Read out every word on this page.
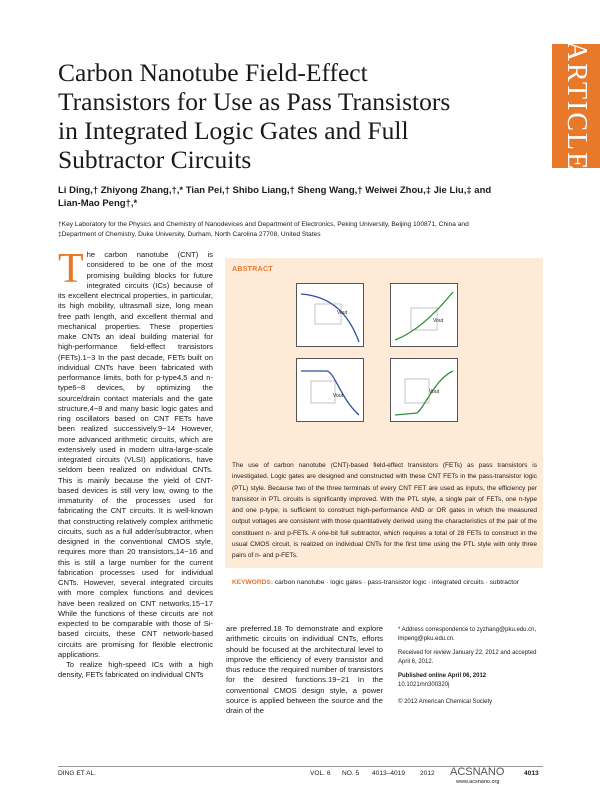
ARTICLE
Carbon Nanotube Field-Effect
Transistors for Use as Pass Transistors
in Integrated Logic Gates and Full
Subtractor Circuits
Li Ding,† Zhiyong Zhang,†,* Tian Pei,† Shibo Liang,† Sheng Wang,† Weiwei Zhou,‡ Jie Liu,‡ and
Lian-Mao Peng†,*
†Key Laboratory for the Physics and Chemistry of Nanodevices and Department of Electronics, Peking University, Beijing 100871, China and
‡Department of Chemistry, Duke University, Durham, North Carolina 27708, United States

The carbon nanotube (CNT) is considered to be one of the most promising building blocks for future integrated circuits (ICs) because of its excellent electrical properties, in particular, its high mobility, ultrasmall size, long mean free path length, and excellent thermal and mechanical properties. These properties make CNTs an ideal building material for high-performance field-effect transistors (FETs).1−3 In the past decade, FETs built on individual CNTs have been fabricated with performance limits, both for p-type4,5 and n-type6−8 devices, by optimizing the source/drain contact materials and the gate structure,4−8 and many basic logic gates and ring oscillators based on CNT FETs have been realized successively.9−14 However, more advanced arithmetic circuits, which are extensively used in modern ultra-large-scale integrated circuits (VLSI) applications, have seldom been realized on individual CNTs. This is mainly because the yield of CNT-based devices is still very low, owing to the immaturity of the processes used for fabricating the CNT circuits. It is well-known that constructing relatively complex arithmetic circuits, such as a full adder/subtractor, when designed in the conventional CMOS style, requires more than 20 transistors,14−16 and this is still a large number for the current fabrication processes used for individual CNTs. However, several integrated circuits with more complex functions and devices have been realized on CNT networks.15−17 While the functions of these circuits are not expected to be comparable with those of Si-based circuits, these CNT network-based circuits are promising for flexible electronic applications.

To realize high-speed ICs with a high density, FETs fabricated on individual CNTs

ABSTRACT
Vout
Vout
Vout
Vout
The use of carbon nanotube (CNT)-based field-effect transistors (FETs) as pass transistors is investigated. Logic gates are designed and constructed with these CNT FETs in the pass-transistor logic (PTL) style. Because two of the three terminals of every CNT FET are used as inputs, the efficiency per transistor in PTL circuits is significantly improved. With the PTL style, a single pair of FETs, one n-type and one p-type, is sufficient to construct high-performance AND or OR gates in which the measured output voltages are consistent with those quantitatively derived using the characteristics of the pair of the constituent n- and p-FETs. A one-bit full subtractor, which requires a total of 28 FETs to construct in the usual CMOS circuit, is realized on individual CNTs for the first time using the PTL style with only three pairs of n- and p-FETs.
KEYWORDS: carbon nanotube · logic gates · pass-transistor logic · integrated circuits · subtractor
are preferred.18 To demonstrate and explore arithmetic circuits on individual CNTs, efforts should be focused at the architectural level to improve the efficiency of every transistor and thus reduce the required number of transistors for the desired functions.19−21 In the conventional CMOS design style, a power source is applied between the source and the drain of the

* Address correspondence to zyzhang@pku.edu.cn, lmpeng@pku.edu.cn.

Received for review January 22, 2012 and accepted April 6, 2012.

Published online April 06, 2012
10.1021/nn300320j

© 2012 American Chemical Society

DING ET AL.	VOL. 6 NO. 5 4013–4019 2012 ACSNANO
www.acsnano.org
4013
